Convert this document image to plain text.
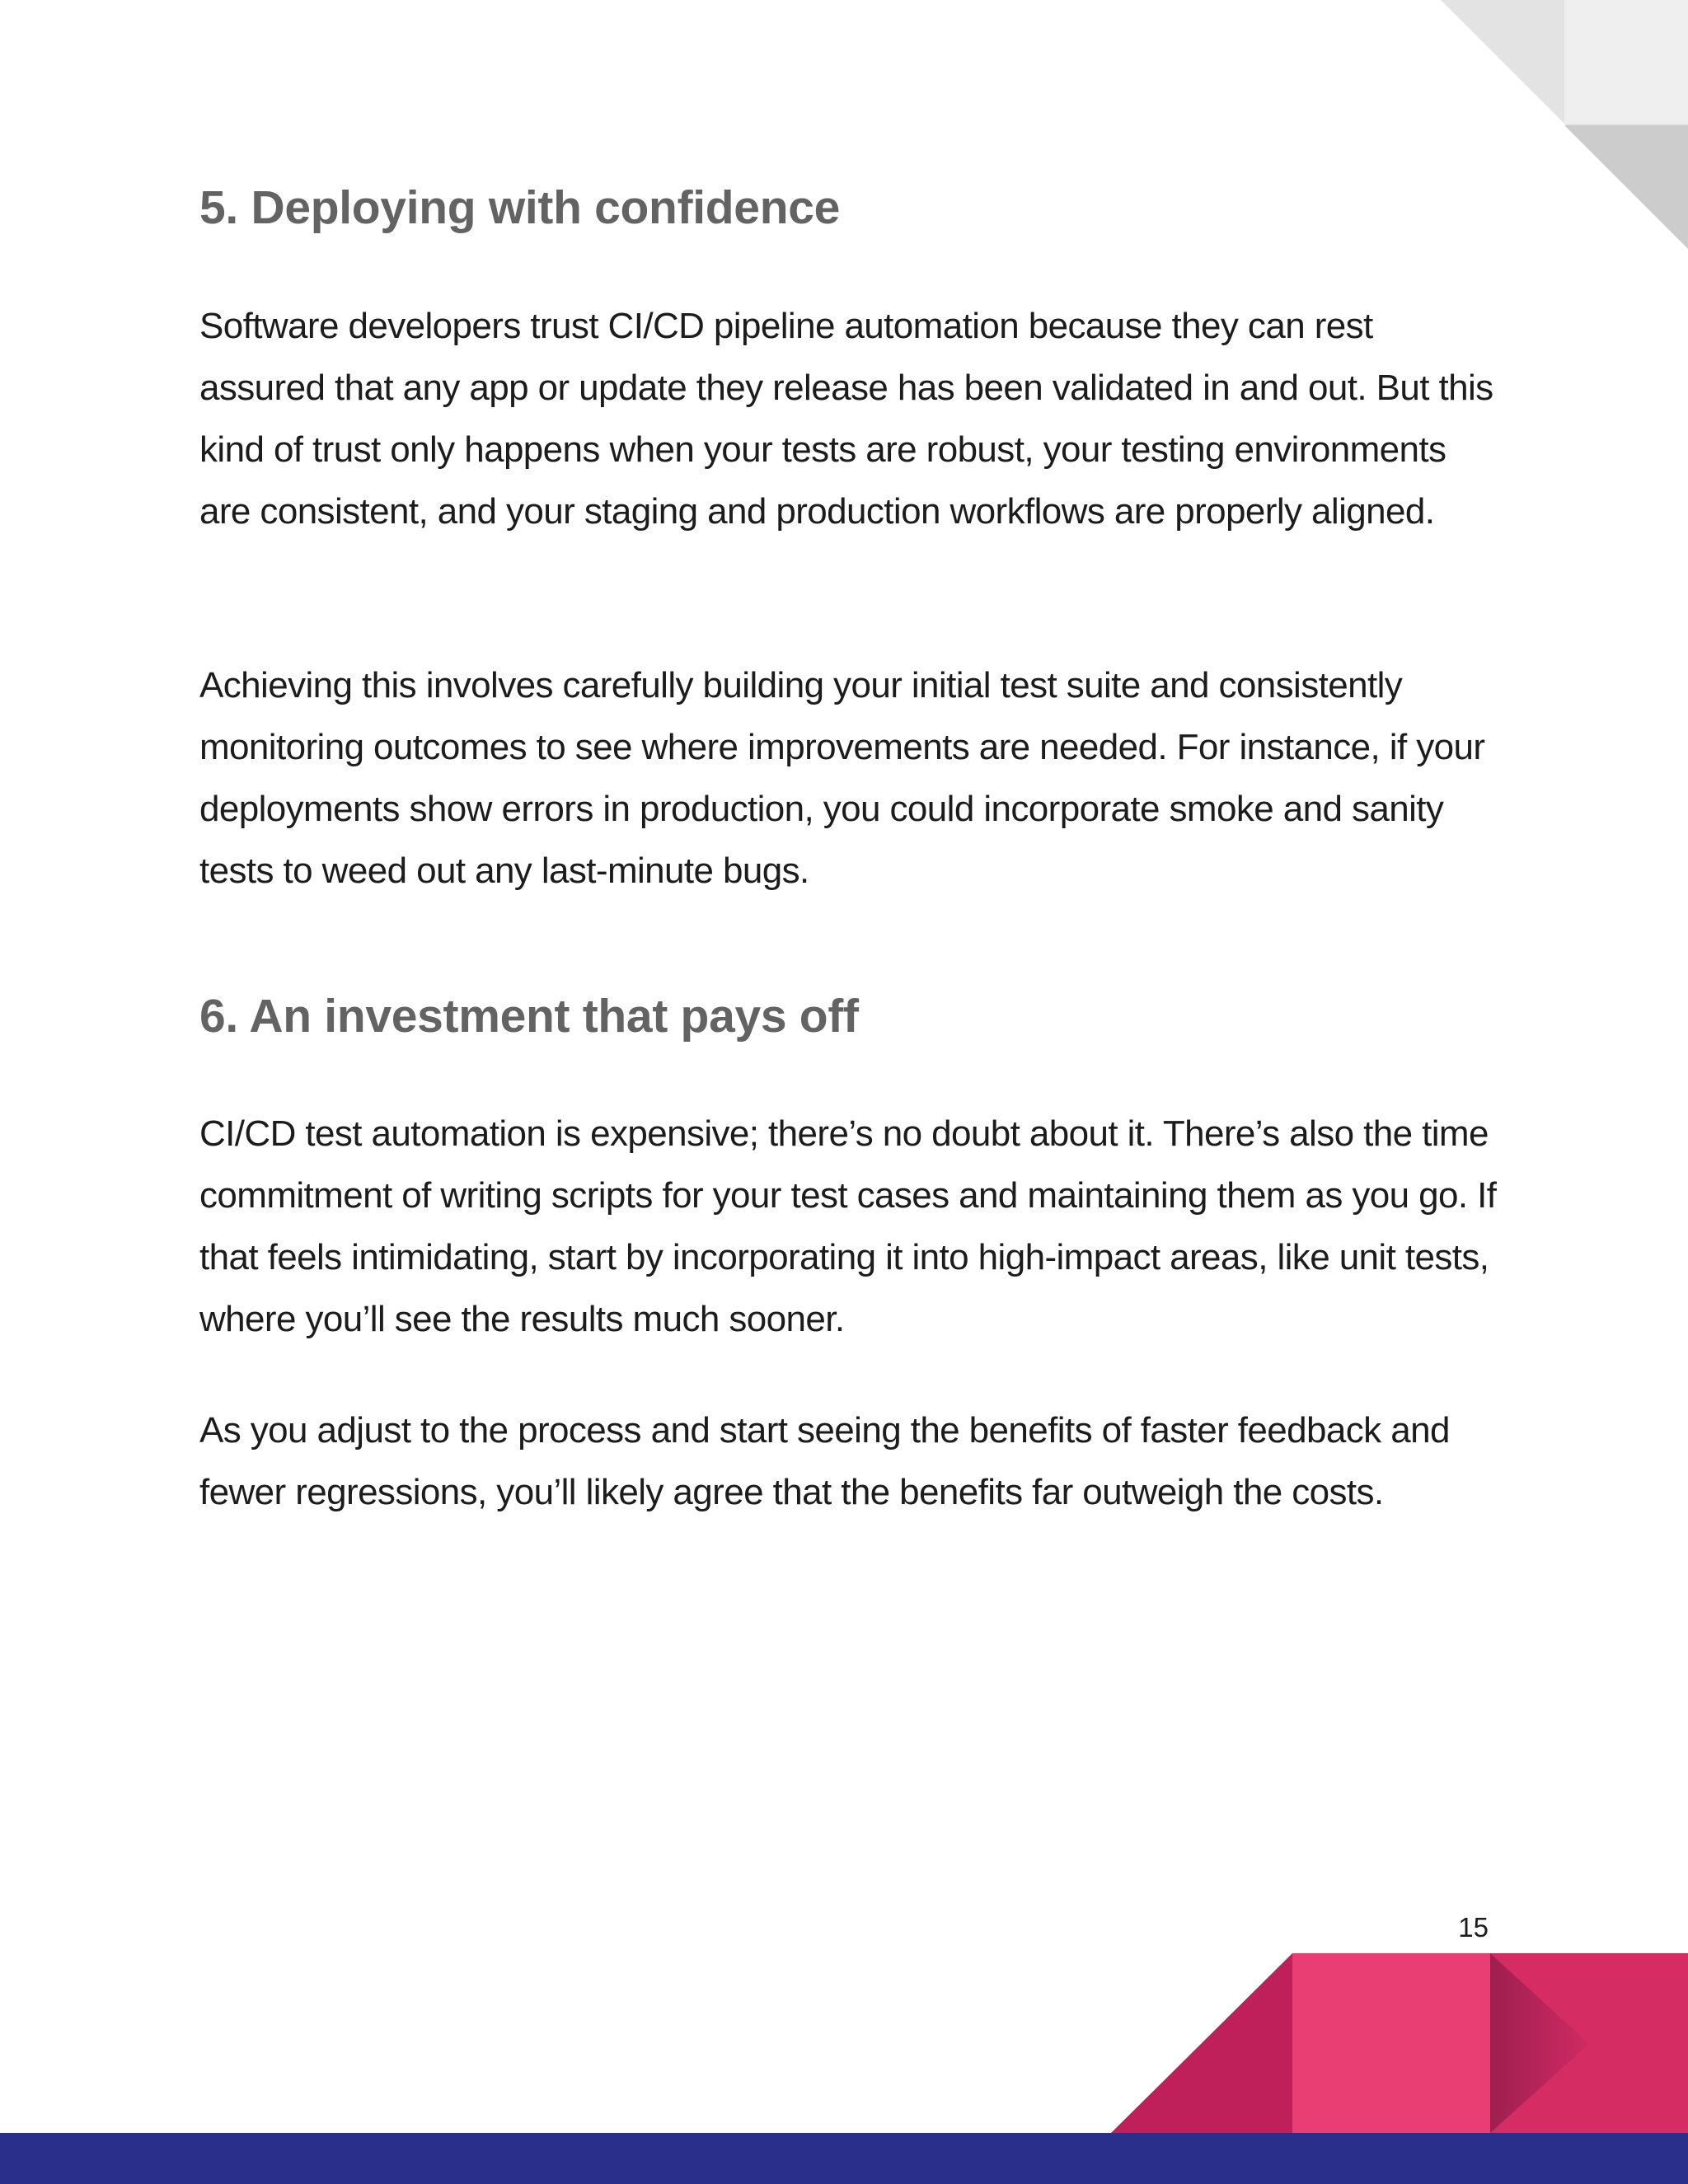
5. Deploying with confidence

Software developers trust CI/CD pipeline automation because they can rest assured that any app or update they release has been validated in and out. But this kind of trust only happens when your tests are robust, your testing environments are consistent, and your staging and production workflows are properly aligned.

Achieving this involves carefully building your initial test suite and consistently monitoring outcomes to see where improvements are needed. For instance, if your deployments show errors in production, you could incorporate smoke and sanity tests to weed out any last-minute bugs.

6. An investment that pays off

CI/CD test automation is expensive; there’s no doubt about it. There’s also the time commitment of writing scripts for your test cases and maintaining them as you go. If that feels intimidating, start by incorporating it into high-impact areas, like unit tests, where you’ll see the results much sooner.

As you adjust to the process and start seeing the benefits of faster feedback and fewer regressions, you’ll likely agree that the benefits far outweigh the costs.

15
